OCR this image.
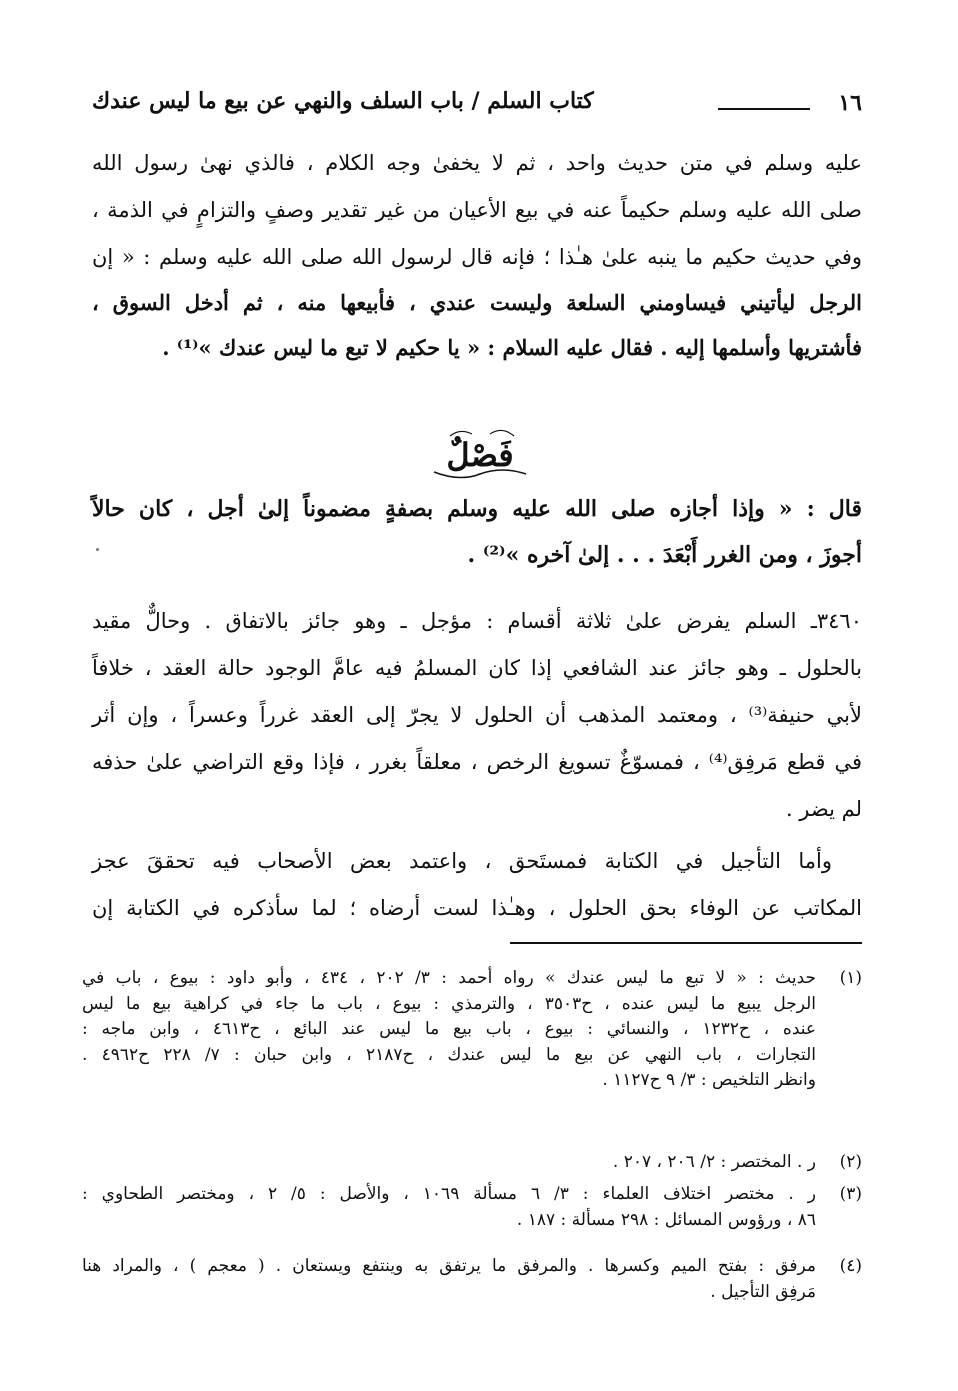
١٦
كتاب السلم / باب السلف والنهي عن بيع ما ليس عندك
عليه وسلم في متن حديث واحد ، ثم لا يخفىٰ وجه الكلام ، فالذي نهىٰ رسول الله
صلى الله عليه وسلم حكيماً عنه في بيع الأعيان من غير تقدير وصفٍ والتزامٍ في الذمة ،
وفي حديث حكيم ما ينبه علىٰ هـٰذا ؛ فإنه قال لرسول الله صلى الله عليه وسلم : « إن
الرجل ليأتيني فيساومني السلعة وليست عندي ، فأبيعها منه ، ثم أدخل السوق ،
فأشتريها وأسلمها إليه . فقال عليه السلام : « يا حكيم لا تبع ما ليس عندك »⁽¹⁾ .
فَصْلٌ
قال : « وإذا أجازه صلى الله عليه وسلم بصفةٍ مضموناً إلىٰ أجل ، كان حالاً
أجوزَ ، ومن الغرر أَبْعَدَ . . . إلىٰ آخره »⁽²⁾ .
٣٤٦٠ـ السلم يفرض علىٰ ثلاثة أقسام : مؤجل ـ وهو جائز بالاتفاق . وحالٌّ مقيد
بالحلول ـ وهو جائز عند الشافعي إذا كان المسلمُ فيه عامَّ الوجود حالة العقد ، خلافاً
لأبي حنيفة⁽³⁾ ، ومعتمد المذهب أن الحلول لا يجرّ إلى العقد غرراً وعسراً ، وإن أثر
في قطع مَرفِق⁽⁴⁾ ، فمسوّغٌ تسويغ الرخص ، معلقاً بغرر ، فإذا وقع التراضي علىٰ حذفه
لم يضر .
وأما التأجيل في الكتابة فمستَحق ، واعتمد بعض الأصحاب فيه تحققَ عجز
المكاتب عن الوفاء بحق الحلول ، وهـٰذا لست أرضاه ؛ لما سأذكره في الكتابة إن
(١)
حديث : « لا تبع ما ليس عندك » رواه أحمد : ٣/ ٢٠٢ ، ٤٣٤ ، وأبو داود : بيوع ، باب في
الرجل يبيع ما ليس عنده ، ح٣٥٠٣ ، والترمذي : بيوع ، باب ما جاء في كراهية بيع ما ليس
عنده ، ح١٢٣٢ ، والنسائي : بيوع ، باب بيع ما ليس عند البائع ، ح٤٦١٣ ، وابن ماجه :
التجارات ، باب النهي عن بيع ما ليس عندك ، ح٢١٨٧ ، وابن حبان : ٧/ ٢٢٨ ح٤٩٦٢ .
وانظر التلخيص : ٣/ ٩ ح١١٢٧ .
(٢)
ر . المختصر : ٢/ ٢٠٦ ، ٢٠٧ .
(٣)
ر . مختصر اختلاف العلماء : ٣/ ٦ مسألة ١٠٦٩ ، والأصل : ٥/ ٢ ، ومختصر الطحاوي :
٨٦ ، ورؤوس المسائل : ٢٩٨ مسألة : ١٨٧ .
(٤)
مرفق : بفتح الميم وكسرها . والمرفق ما يرتفق به وينتفع ويستعان . ( معجم ) ، والمراد هنا
مَرفِق التأجيل .
